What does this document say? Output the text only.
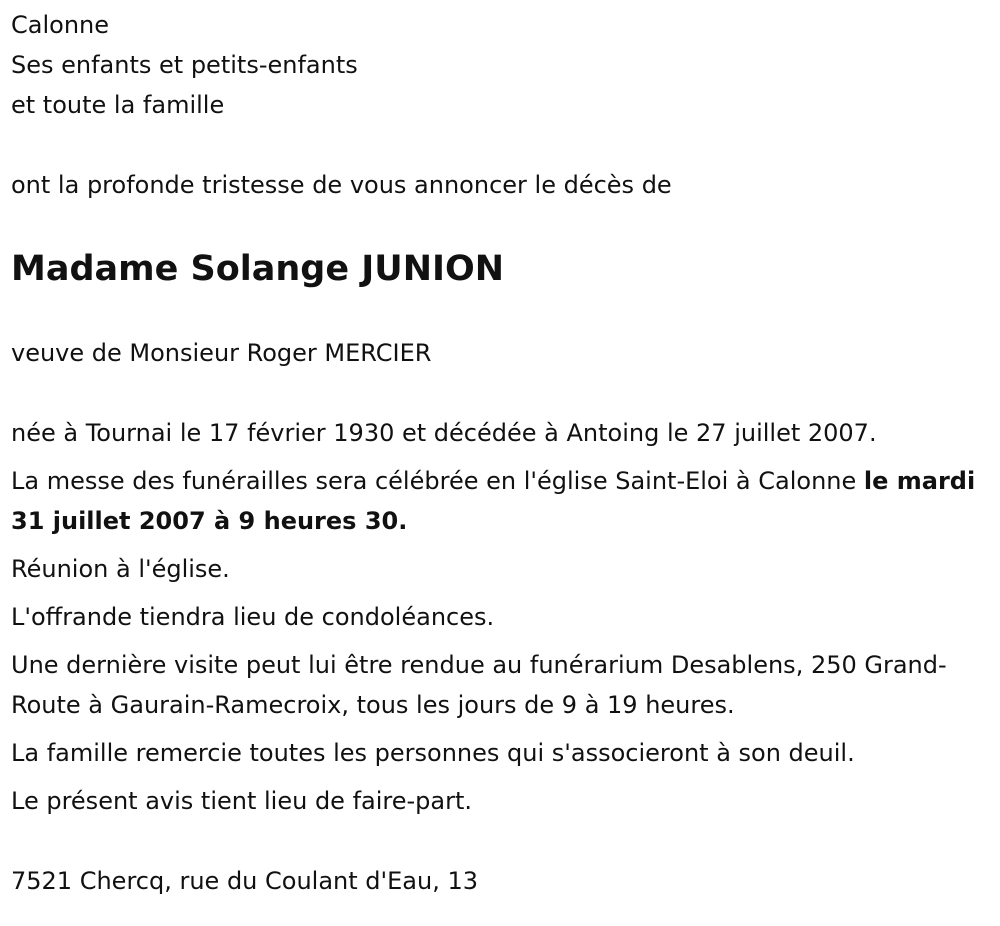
Calonne
Ses enfants et petits-enfants
et toute la famille
ont la profonde tristesse de vous annoncer le décès de
Madame Solange JUNION
veuve de Monsieur Roger MERCIER
née à Tournai le 17 février 1930 et décédée à Antoing le 27 juillet 2007.

La messe des funérailles sera célébrée en l'église Saint-Eloi à Calonne le mardi 31 juillet 2007 à 9 heures 30.

Réunion à l'église.

L'offrande tiendra lieu de condoléances.

Une dernière visite peut lui être rendue au funérarium Desablens, 250 Grand-Route à Gaurain-Ramecroix, tous les jours de 9 à 19 heures.

La famille remercie toutes les personnes qui s'associeront à son deuil.

Le présent avis tient lieu de faire-part.

7521 Chercq, rue du Coulant d'Eau, 13
